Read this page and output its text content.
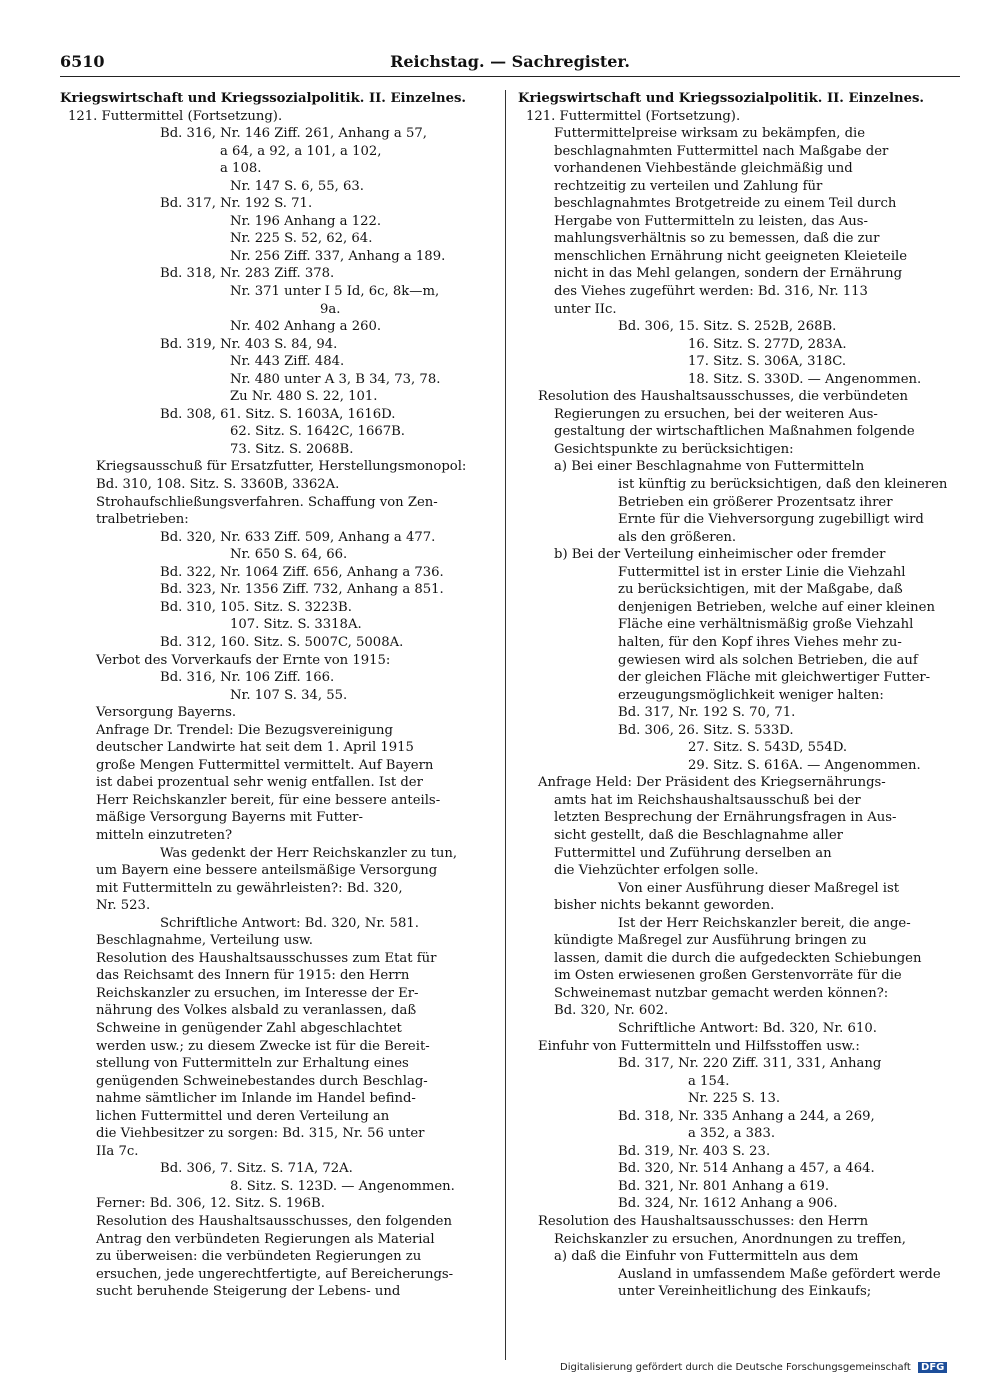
6510	Reichstag. — Sachregister.
Kriegswirtschaft und Kriegssozialpolitik. II. Einzelnes.
121. Futtermittel (Fortsetzung).
Bd. 316, Nr. 146 Ziff. 261, Anhang a 57,
a 64, a 92, a 101, a 102,
a 108.
Nr. 147 S. 6, 55, 63.
Bd. 317, Nr. 192 S. 71.
Nr. 196 Anhang a 122.
Nr. 225 S. 52, 62, 64.
Nr. 256 Ziff. 337, Anhang a 189.
Bd. 318, Nr. 283 Ziff. 378.
Nr. 371 unter I 5 Id, 6c, 8k—m,
9a.
Nr. 402 Anhang a 260.
Bd. 319, Nr. 403 S. 84, 94.
Nr. 443 Ziff. 484.
Nr. 480 unter A 3, B 34, 73, 78.
Zu Nr. 480 S. 22, 101.
Bd. 308, 61. Sitz. S. 1603A, 1616D.
62. Sitz. S. 1642C, 1667B.
73. Sitz. S. 2068B.
Kriegsausschuß für Ersatzfutter, Herstellungsmonopol:
Bd. 310, 108. Sitz. S. 3360B, 3362A.
Strohaufschließungsverfahren. Schaffung von Zen-
tralbetrieben:
Bd. 320, Nr. 633 Ziff. 509, Anhang a 477.
Nr. 650 S. 64, 66.
Bd. 322, Nr. 1064 Ziff. 656, Anhang a 736.
Bd. 323, Nr. 1356 Ziff. 732, Anhang a 851.
Bd. 310, 105. Sitz. S. 3223B.
107. Sitz. S. 3318A.
Bd. 312, 160. Sitz. S. 5007C, 5008A.
Verbot des Vorverkaufs der Ernte von 1915:
Bd. 316, Nr. 106 Ziff. 166.
Nr. 107 S. 34, 55.
Versorgung Bayerns.
Anfrage Dr. Trendel: Die Bezugsvereinigung
deutscher Landwirte hat seit dem 1. April 1915
große Mengen Futtermittel vermittelt. Auf Bayern
ist dabei prozentual sehr wenig entfallen. Ist der
Herr Reichskanzler bereit, für eine bessere anteils-
mäßige Versorgung Bayerns mit Futter-
mitteln einzutreten?
Was gedenkt der Herr Reichskanzler zu tun,
um Bayern eine bessere anteilsmäßige Versorgung
mit Futtermitteln zu gewährleisten?: Bd. 320,
Nr. 523.
Schriftliche Antwort: Bd. 320, Nr. 581.
Beschlagnahme, Verteilung usw.
Resolution des Haushaltsausschusses zum Etat für
das Reichsamt des Innern für 1915: den Herrn
Reichskanzler zu ersuchen, im Interesse der Er-
nährung des Volkes alsbald zu veranlassen, daß
Schweine in genügender Zahl abgeschlachtet
werden usw.; zu diesem Zwecke ist für die Bereit-
stellung von Futtermitteln zur Erhaltung eines
genügenden Schweinebestandes durch Beschlag-
nahme sämtlicher im Inlande im Handel befind-
lichen Futtermittel und deren Verteilung an
die Viehbesitzer zu sorgen: Bd. 315, Nr. 56 unter
IIa 7c.
Bd. 306, 7. Sitz. S. 71A, 72A.
8. Sitz. S. 123D. — Angenommen.
Ferner: Bd. 306, 12. Sitz. S. 196B.
Resolution des Haushaltsausschusses, den folgenden
Antrag den verbündeten Regierungen als Material
zu überweisen: die verbündeten Regierungen zu
ersuchen, jede ungerechtfertigte, auf Bereicherungs-
sucht beruhende Steigerung der Lebens- und
Kriegswirtschaft und Kriegssozialpolitik. II. Einzelnes.
121. Futtermittel (Fortsetzung).
Futtermittelpreise wirksam zu bekämpfen, die
beschlagnahmten Futtermittel nach Maßgabe der
vorhandenen Viehbestände gleichmäßig und
rechtzeitig zu verteilen und Zahlung für
beschlagnahmtes Brotgetreide zu einem Teil durch
Hergabe von Futtermitteln zu leisten, das Aus-
mahlungsverhältnis so zu bemessen, daß die zur
menschlichen Ernährung nicht geeigneten Kleieteile
nicht in das Mehl gelangen, sondern der Ernährung
des Viehes zugeführt werden: Bd. 316, Nr. 113
unter IIc.
Bd. 306, 15. Sitz. S. 252B, 268B.
16. Sitz. S. 277D, 283A.
17. Sitz. S. 306A, 318C.
18. Sitz. S. 330D. — Angenommen.
Resolution des Haushaltsausschusses, die verbündeten
Regierungen zu ersuchen, bei der weiteren Aus-
gestaltung der wirtschaftlichen Maßnahmen folgende
Gesichtspunkte zu berücksichtigen:
a) Bei einer Beschlagnahme von Futtermitteln
ist künftig zu berücksichtigen, daß den kleineren
Betrieben ein größerer Prozentsatz ihrer
Ernte für die Viehversorgung zugebilligt wird
als den größeren.
b) Bei der Verteilung einheimischer oder fremder
Futtermittel ist in erster Linie die Viehzahl
zu berücksichtigen, mit der Maßgabe, daß
denjenigen Betrieben, welche auf einer kleinen
Fläche eine verhältnismäßig große Viehzahl
halten, für den Kopf ihres Viehes mehr zu-
gewiesen wird als solchen Betrieben, die auf
der gleichen Fläche mit gleichwertiger Futter-
erzeugungsmöglichkeit weniger halten:
Bd. 317, Nr. 192 S. 70, 71.
Bd. 306, 26. Sitz. S. 533D.
27. Sitz. S. 543D, 554D.
29. Sitz. S. 616A. — Angenommen.
Anfrage Held: Der Präsident des Kriegsernährungs-
amts hat im Reichshaushaltsausschuß bei der
letzten Besprechung der Ernährungsfragen in Aus-
sicht gestellt, daß die Beschlagnahme aller
Futtermittel und Zuführung derselben an
die Viehzüchter erfolgen solle.
Von einer Ausführung dieser Maßregel ist
bisher nichts bekannt geworden.
Ist der Herr Reichskanzler bereit, die ange-
kündigte Maßregel zur Ausführung bringen zu
lassen, damit die durch die aufgedeckten Schiebungen
im Osten erwiesenen großen Gerstenvorräte für die
Schweinemast nutzbar gemacht werden können?:
Bd. 320, Nr. 602.
Schriftliche Antwort: Bd. 320, Nr. 610.
Einfuhr von Futtermitteln und Hilfsstoffen usw.:
Bd. 317, Nr. 220 Ziff. 311, 331, Anhang
a 154.
Nr. 225 S. 13.
Bd. 318, Nr. 335 Anhang a 244, a 269,
a 352, a 383.
Bd. 319, Nr. 403 S. 23.
Bd. 320, Nr. 514 Anhang a 457, a 464.
Bd. 321, Nr. 801 Anhang a 619.
Bd. 324, Nr. 1612 Anhang a 906.
Resolution des Haushaltsausschusses: den Herrn
Reichskanzler zu ersuchen, Anordnungen zu treffen,
a) daß die Einfuhr von Futtermitteln aus dem
Ausland in umfassendem Maße gefördert werde
unter Vereinheitlichung des Einkaufs;
Digitalisierung gefördert durch die Deutsche Forschungsgemeinschaft DFG
